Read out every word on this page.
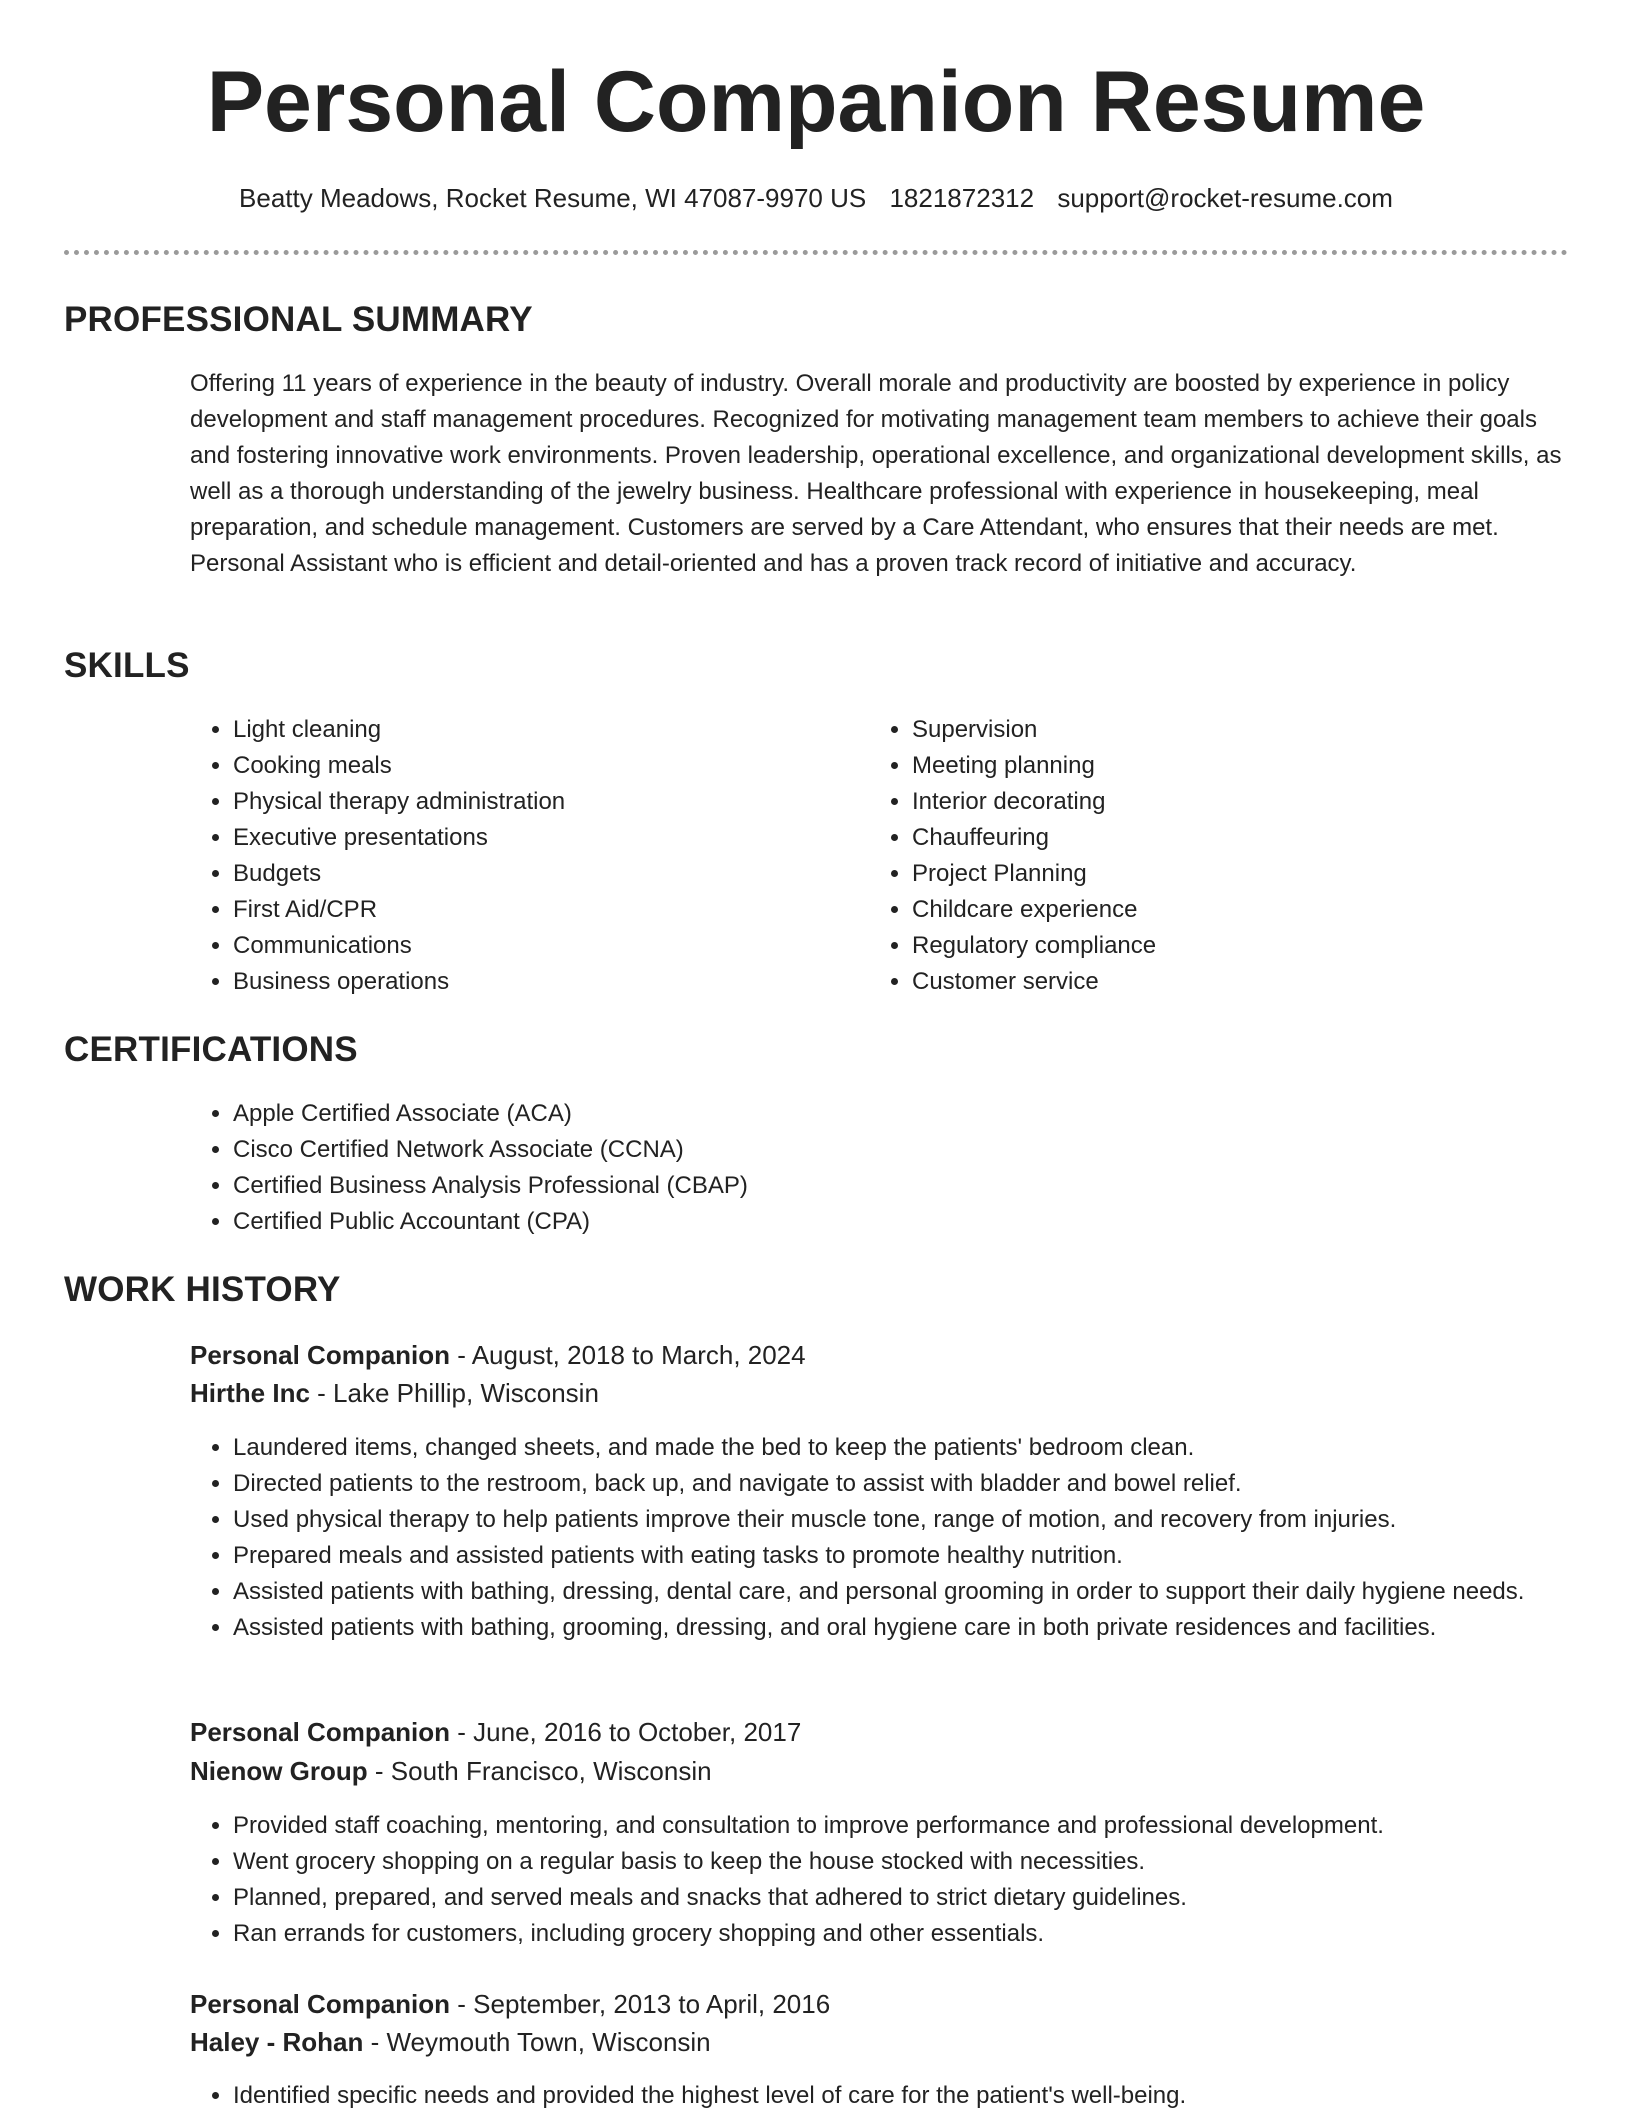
Personal Companion Resume
Beatty Meadows, Rocket Resume, WI 47087-9970 US 1821872312 support@rocket-resume.com
PROFESSIONAL SUMMARY

Offering 11 years of experience in the beauty of industry. Overall morale and productivity are boosted by experience in policy development and staff management procedures. Recognized for motivating management team members to achieve their goals and fostering innovative work environments. Proven leadership, operational excellence, and organizational development skills, as well as a thorough understanding of the jewelry business. Healthcare professional with experience in housekeeping, meal preparation, and schedule management. Customers are served by a Care Attendant, who ensures that their needs are met. Personal Assistant who is efficient and detail-oriented and has a proven track record of initiative and accuracy.

SKILLS
• Light cleaning
• Cooking meals
• Physical therapy administration
• Executive presentations
• Budgets
• First Aid/CPR
• Communications
• Business operations
• Supervision
• Meeting planning
• Interior decorating
• Chauffeuring
• Project Planning
• Childcare experience
• Regulatory compliance
• Customer service
CERTIFICATIONS
• Apple Certified Associate (ACA)
• Cisco Certified Network Associate (CCNA)
• Certified Business Analysis Professional (CBAP)
• Certified Public Accountant (CPA)
WORK HISTORY
Personal Companion - August, 2018 to March, 2024
Hirthe Inc - Lake Phillip, Wisconsin
• Laundered items, changed sheets, and made the bed to keep the patients' bedroom clean.
• Directed patients to the restroom, back up, and navigate to assist with bladder and bowel relief.
• Used physical therapy to help patients improve their muscle tone, range of motion, and recovery from injuries.
• Prepared meals and assisted patients with eating tasks to promote healthy nutrition.
• Assisted patients with bathing, dressing, dental care, and personal grooming in order to support their daily hygiene needs.
• Assisted patients with bathing, grooming, dressing, and oral hygiene care in both private residences and facilities.
Personal Companion - June, 2016 to October, 2017
Nienow Group - South Francisco, Wisconsin
• Provided staff coaching, mentoring, and consultation to improve performance and professional development.
• Went grocery shopping on a regular basis to keep the house stocked with necessities.
• Planned, prepared, and served meals and snacks that adhered to strict dietary guidelines.
• Ran errands for customers, including grocery shopping and other essentials.
Personal Companion - September, 2013 to April, 2016
Haley - Rohan - Weymouth Town, Wisconsin
• Identified specific needs and provided the highest level of care for the patient's well-being.
